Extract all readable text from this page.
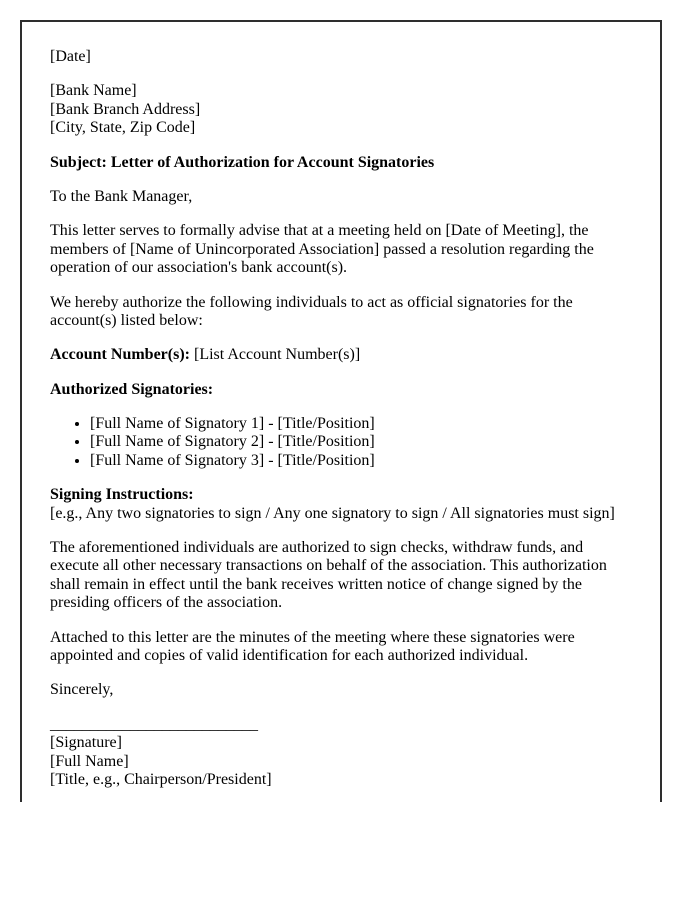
[Date]

[Bank Name]
[Bank Branch Address]
[City, State, Zip Code]

Subject: Letter of Authorization for Account Signatories

To the Bank Manager,

This letter serves to formally advise that at a meeting held on [Date of Meeting], the members of [Name of Unincorporated Association] passed a resolution regarding the operation of our association's bank account(s).

We hereby authorize the following individuals to act as official signatories for the account(s) listed below:

Account Number(s): [List Account Number(s)]

Authorized Signatories:

• [Full Name of Signatory 1] - [Title/Position]
• [Full Name of Signatory 2] - [Title/Position]
• [Full Name of Signatory 3] - [Title/Position]

Signing Instructions:
[e.g., Any two signatories to sign / Any one signatory to sign / All signatories must sign]

The aforementioned individuals are authorized to sign checks, withdraw funds, and execute all other necessary transactions on behalf of the association. This authorization shall remain in effect until the bank receives written notice of change signed by the presiding officers of the association.

Attached to this letter are the minutes of the meeting where these signatories were appointed and copies of valid identification for each authorized individual.

Sincerely,

__________________________
[Signature]
[Full Name]
[Title, e.g., Chairperson/President]
